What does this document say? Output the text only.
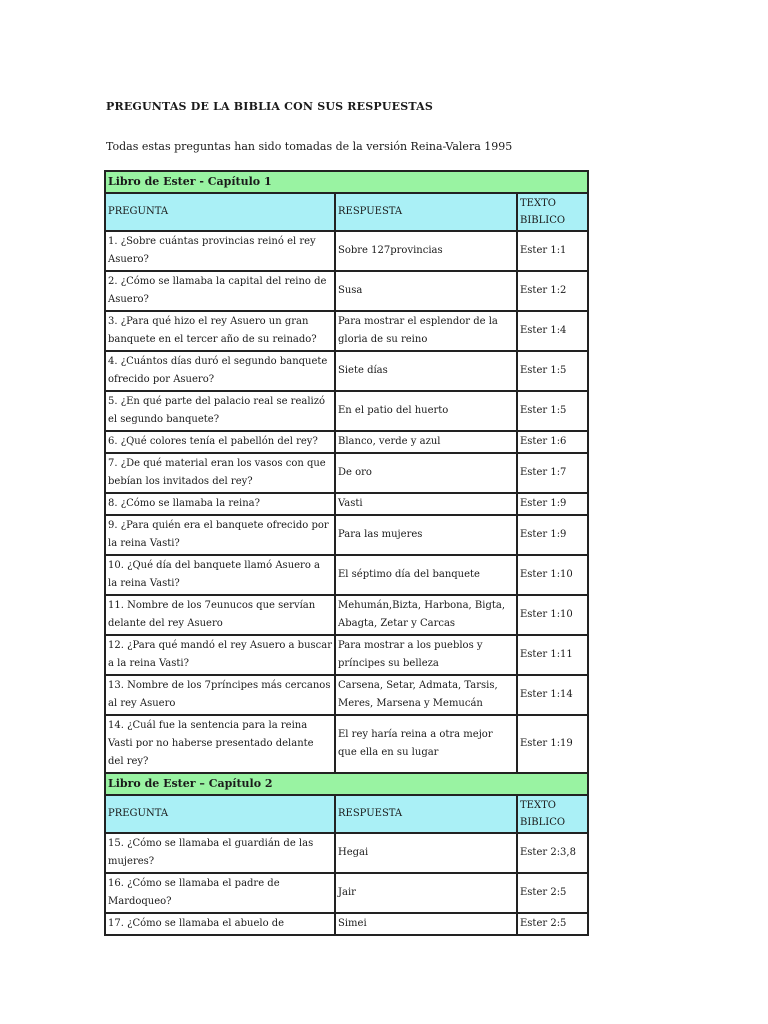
PREGUNTAS DE LA BIBLIA CON SUS RESPUESTAS
Todas estas preguntas han sido tomadas de la versión Reina-Valera 1995
Libro de Ester - Capítulo 1		
PREGUNTA	RESPUESTA	TEXTO BIBLICO
1. ¿Sobre cuántas provincias reinó el rey Asuero?	Sobre 127provincias	Ester 1:1
2. ¿Cómo se llamaba la capital del reino de Asuero?	Susa	Ester 1:2
3. ¿Para qué hizo el rey Asuero un gran banquete en el tercer año de su reinado?	Para mostrar el esplendor de la gloria de su reino	Ester 1:4
4. ¿Cuántos días duró el segundo banquete ofrecido por Asuero?	Siete días	Ester 1:5
5. ¿En qué parte del palacio real se realizó el segundo banquete?	En el patio del huerto	Ester 1:5
6. ¿Qué colores tenía el pabellón del rey?	Blanco, verde y azul	Ester 1:6
7. ¿De qué material eran los vasos con que bebían los invitados del rey?	De oro	Ester 1:7
8. ¿Cómo se llamaba la reina?	Vasti	Ester 1:9
9. ¿Para quién era el banquete ofrecido por la reina Vasti?	Para las mujeres	Ester 1:9
10. ¿Qué día del banquete llamó Asuero a la reina Vasti?	El séptimo día del banquete	Ester 1:10
11. Nombre de los 7eunucos que servían delante del rey Asuero	Mehumán,Bizta, Harbona, Bigta, Abagta, Zetar y Carcas	Ester 1:10
12. ¿Para qué mandó el rey Asuero a buscar a la reina Vasti?	Para mostrar a los pueblos y príncipes su belleza	Ester 1:11
13. Nombre de los 7príncipes más cercanos al rey Asuero	Carsena, Setar, Admata, Tarsis, Meres, Marsena y Memucán	Ester 1:14
14. ¿Cuál fue la sentencia para la reina Vasti por no haberse presentado delante del rey?	El rey haría reina a otra mejor que ella en su lugar	Ester 1:19
Libro de Ester – Capítulo 2		
PREGUNTA	RESPUESTA	TEXTO BIBLICO
15. ¿Cómo se llamaba el guardián de las mujeres?	Hegai	Ester 2:3,8
16. ¿Cómo se llamaba el padre de Mardoqueo?	Jair	Ester 2:5
17. ¿Cómo se llamaba el abuelo de	Simei	Ester 2:5
